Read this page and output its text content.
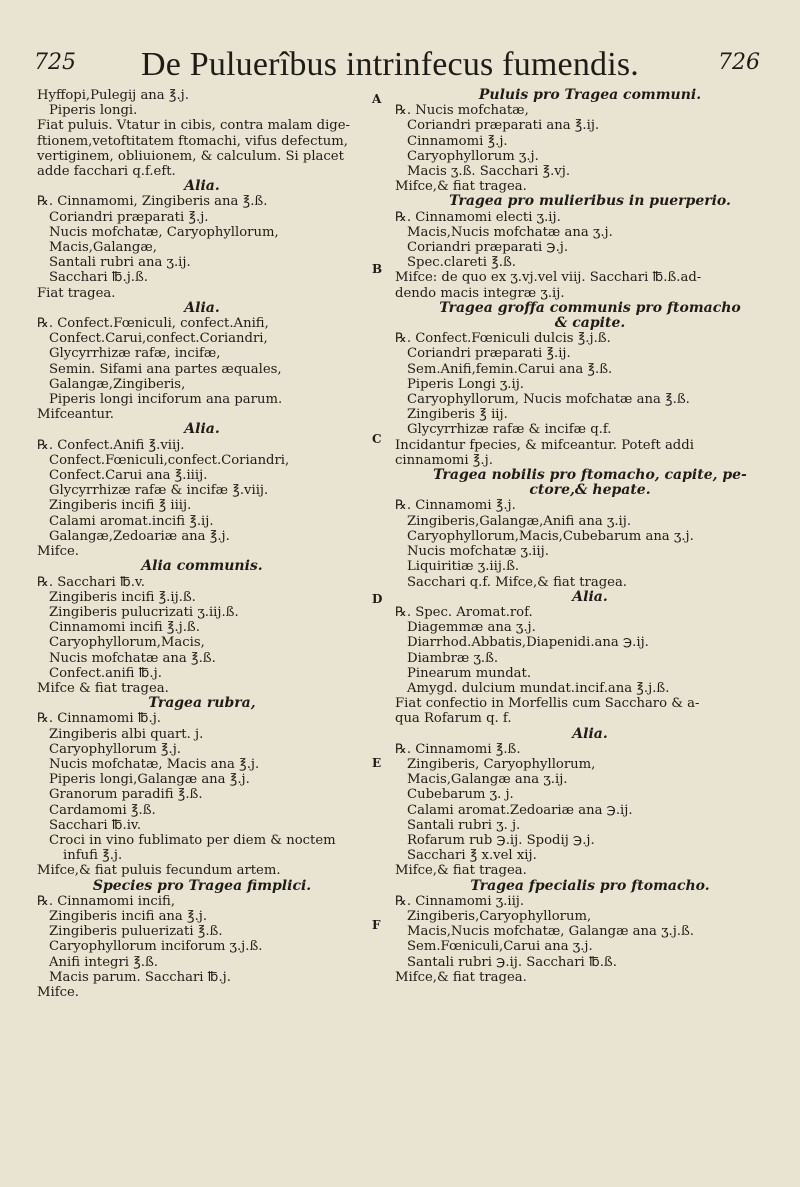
725	De Puluerîbus intrinfecus fumendis.	726
Hyffopi,Pulegij ana ℥.j.
Piperis longi.
Fiat puluis. Vtatur in cibis, contra malam dige-
ftionem,vetoftitatem ftomachi, vifus defectum,
vertiginem, obliuionem, & calculum. Si placet
adde facchari q.f.eft.
Alia.
℞. Cinnamomi, Zingiberis ana ℥.ß.
Coriandri præparati ℥.j.
Nucis mofchatæ, Caryophyllorum,
Macis,Galangæ,
Santali rubri ana ʒ.ij.
Sacchari ℔.j.ß.
Fiat tragea.
Alia.
℞. Confect.Fœniculi, confect.Anifi,
Confect.Carui,confect.Coriandri,
Glycyrrhizæ rafæ, incifæ,
Semin. Sifami ana partes æquales,
Galangæ,Zingiberis,
Piperis longi inciforum ana parum.
Mifceantur.
Alia.
℞. Confect.Anifi ℥.viij.
Confect.Fœniculi,confect.Coriandri,
Confect.Carui ana ℥.iiij.
Glycyrrhizæ rafæ & incifæ ℥.viij.
Zingiberis incifi ℥ iiij.
Calami aromat.incifi ℥.ij.
Galangæ,Zedoariæ ana ℥.j.
Mifce.
Alia communis.
℞. Sacchari ℔.v.
Zingiberis incifi ℥.ij.ß.
Zingiberis pulucrizati ʒ.iij.ß.
Cinnamomi incifi ℥.j.ß.
Caryophyllorum,Macis,
Nucis mofchatæ ana ℥.ß.
Confect.anifi ℔.j.
Mifce & fiat tragea.
Tragea rubra,
℞. Cinnamomi ℔.j.
Zingiberis albi quart. j.
Caryophyllorum ℥.j.
Nucis mofchatæ, Macis ana ℥.j.
Piperis longi,Galangæ ana ℥.j.
Granorum paradifi ℥.ß.
Cardamomi ℥.ß.
Sacchari ℔.iv.
Croci in vino fublimato per diem & noctem
infufi ℥.j.
Mifce,& fiat puluis fecundum artem.
Species pro Tragea fimplici.
℞. Cinnamomi incifi,
Zingiberis incifi ana ℥.j.
Zingiberis puluerizati ℥.ß.
Caryophyllorum inciforum ʒ.j.ß.
Anifi integri ℥.ß.
Macis parum. Sacchari ℔.j.
Mifce.
Puluis pro Tragea communi.
℞. Nucis mofchatæ,
Coriandri præparati ana ℥.ij.
Cinnamomi ℥.j.
Caryophyllorum ʒ.j.
Macis ʒ.ß. Sacchari ℥.vj.
Mifce,& fiat tragea.
Tragea pro mulieribus in puerperio.
℞. Cinnamomi electi ʒ.ij.
Macis,Nucis mofchatæ ana ʒ.j.
Coriandri præparati ℈.j.
Spec.clareti ℥.ß.
Mifce: de quo ex ʒ.vj.vel viij. Sacchari ℔.ß.ad-
dendo macis integræ ʒ.ij.
Tragea groffa communis pro ftomacho
& capite.
℞. Confect.Fœniculi dulcis ℥.j.ß.
Coriandri præparati ℥.ij.
Sem.Anifi,femin.Carui ana ℥.ß.
Piperis Longi ʒ.ij.
Caryophyllorum, Nucis mofchatæ ana ℥.ß.
Zingiberis ℥ iij.
Glycyrrhizæ rafæ & incifæ q.f.
Incidantur fpecies, & mifceantur. Poteft addi
cinnamomi ℥.j.
Tragea nobilis pro ftomacho, capite, pe-
ctore,& hepate.
℞. Cinnamomi ℥.j.
Zingiberis,Galangæ,Anifi ana ʒ.ij.
Caryophyllorum,Macis,Cubebarum ana ʒ.j.
Nucis mofchatæ ʒ.iij.
Liquiritiæ ʒ.iij.ß.
Sacchari q.f. Mifce,& fiat tragea.
Alia.
℞. Spec. Aromat.rof.
Diagemmæ ana ʒ.j.
Diarrhod.Abbatis,Diapenidi.ana ℈.ij.
Diambræ ʒ.ß.
Pinearum mundat.
Amygd. dulcium mundat.incif.ana ℥.j.ß.
Fiat confectio in Morfellis cum Saccharo & a-
qua Rofarum q. f.
Alia.
℞. Cinnamomi ℥.ß.
Zingiberis, Caryophyllorum,
Macis,Galangæ ana ʒ.ij.
Cubebarum ʒ. j.
Calami aromat.Zedoariæ ana ℈.ij.
Santali rubri ʒ. j.
Rofarum rub ℈.ij. Spodij ℈.j.
Sacchari ℥ x.vel xij.
Mifce,& fiat tragea.
Tragea fpecialis pro ftomacho.
℞. Cinnamomi ʒ.iij.
Zingiberis,Caryophyllorum,
Macis,Nucis mofchatæ, Galangæ ana ʒ.j.ß.
Sem.Fœniculi,Carui ana ʒ.j.
Santali rubri ℈.ij. Sacchari ℔.ß.
Mifce,& fiat tragea.
A
B
C
D
E
F
